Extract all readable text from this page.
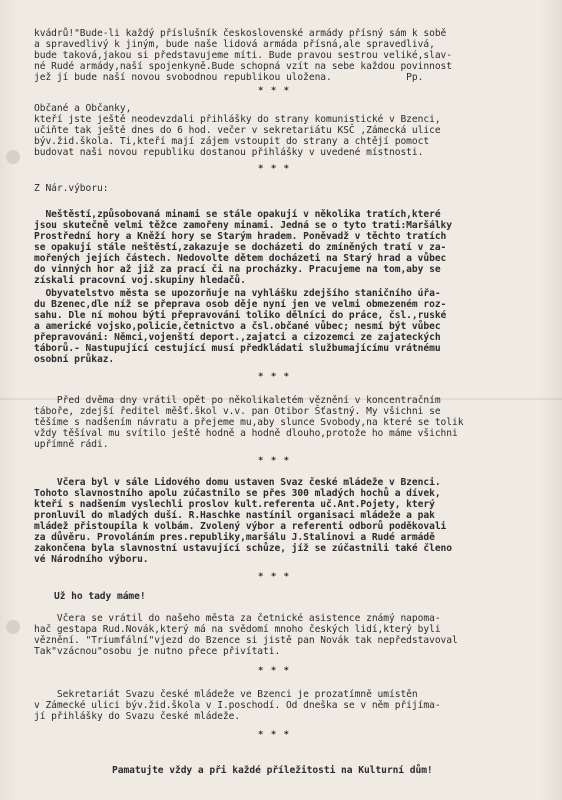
kvádrů!"Bude-li každý příslušník československé armády přísný sám k sobě
a spravedlivý k jiným, bude naše lidová armáda přísná,ale spravedlivá,
bude taková,jakou si představujeme míti. Bude pravou sestrou veliké,slav-
né Rudé armády,naší spojenkyně.Bude schopná vzít na sebe každou povinnost
jež jí bude naší novou svobodnou republikou uložena.             Pp.
* * *
Občané a Občanky,
kteří jste ještě neodevzdali přihlášky do strany komunistické v Bzenci,
učiňte tak ještě dnes do 6 hod. večer v sekretariátu KSČ ,Zámecká ulice
býv.žid.škola. Ti,kteří mají zájem vstoupit do strany a chtějí pomoct
budovat naši novou republiku dostanou přihlášky v uvedené místnosti.
* * *
Z Nár.výboru:
Neštěstí,způsobovaná minami se stále opakují v několika tratích,které
jsou skutečně velmi těžce zamořeny minami. Jedná se o tyto trati:Maršálky
Prostřední hory a Kněží hory se Starým hradem. Poněvadž v těchto tratích
se opakují stále neštěstí,zakazuje se docházeti do zmíněných tratí v za-
mořených jejích částech. Nedovolte dětem docházeti na Starý hrad a vůbec
do vinných hor až již za prací či na procházky. Pracujeme na tom,aby se
získali pracovní voj.skupiny hledačů.
Obyvatelstvo města se upozorňuje na vyhlášku zdejšího staničního úřa-
du Bzenec,dle níž se přeprava osob děje nyní jen ve velmi obmezeném roz-
sahu. Dle ní mohou býti přepravováni toliko dělníci do práce, čsl.,ruské
a americké vojsko,policie,četnictvo a čsl.občané vůbec; nesmí být vůbec
přepravováni: Němci,vojenští deport.,zajatci a cizozemci ze zajateckých
táborů.- Nastupující cestující musí předkládati službumajícímu vrátnému
osobní průkaz.
* * *
Před dvěma dny vrátil opět po několikaletém věznění v koncentračním
táboře, zdejší ředitel měšť.škol v.v. pan Otibor Šťastný. My všichni se
těšíme s nadšením návratu a přejeme mu,aby slunce Svobody,na které se tolik
vždy těšíval mu svítilo ještě hodně a hodně dlouho,protože ho máme všichni
upřímně rádi.
* * *
Včera byl v sále Lidového domu ustaven Svaz české mládeže v Bzenci.
Tohoto slavnostního apolu zúčastnilo se přes 300 mladých hochů a dívek,
kteří s nadšením vyslechli proslov kult.referenta uč.Ant.Pojety, který
pronluvil do mladých duší. R.Haschke nastínil organisaci mládeže a pak
mládež přistoupila k volbám. Zvolený výbor a referenti odborů poděkovali
za důvěru. Provoláním pres.republiky,maršálu J.Stalinovi a Rudé armádě
zakončena byla slavnostní ustavující schůze, jíž se zúčastnili také členo
vé Národního výboru.
* * *
Už ho tady máme!
Včera se vrátil do našeho města za četnické asistence známý napoma-
hač gestapa Rud.Novák,který má na svědomí mnoho českých lidí,který byli
věznění. "Triumfální"vjezd do Bzence si jistě pan Novák tak nepředstavoval
Tak"vzácnou"osobu je nutno přece přivítati.
* * *
Sekretariát Svazu české mládeže ve Bzenci je prozatímně umístěn
v Zámecké ulici býv.žid.škola v I.poschodí. Od dneška se v něm přijíma-
jí přihlášky do Svazu české mládeže.
* * *
Pamatujte vždy a při každé příležitosti na Kulturní dům!
